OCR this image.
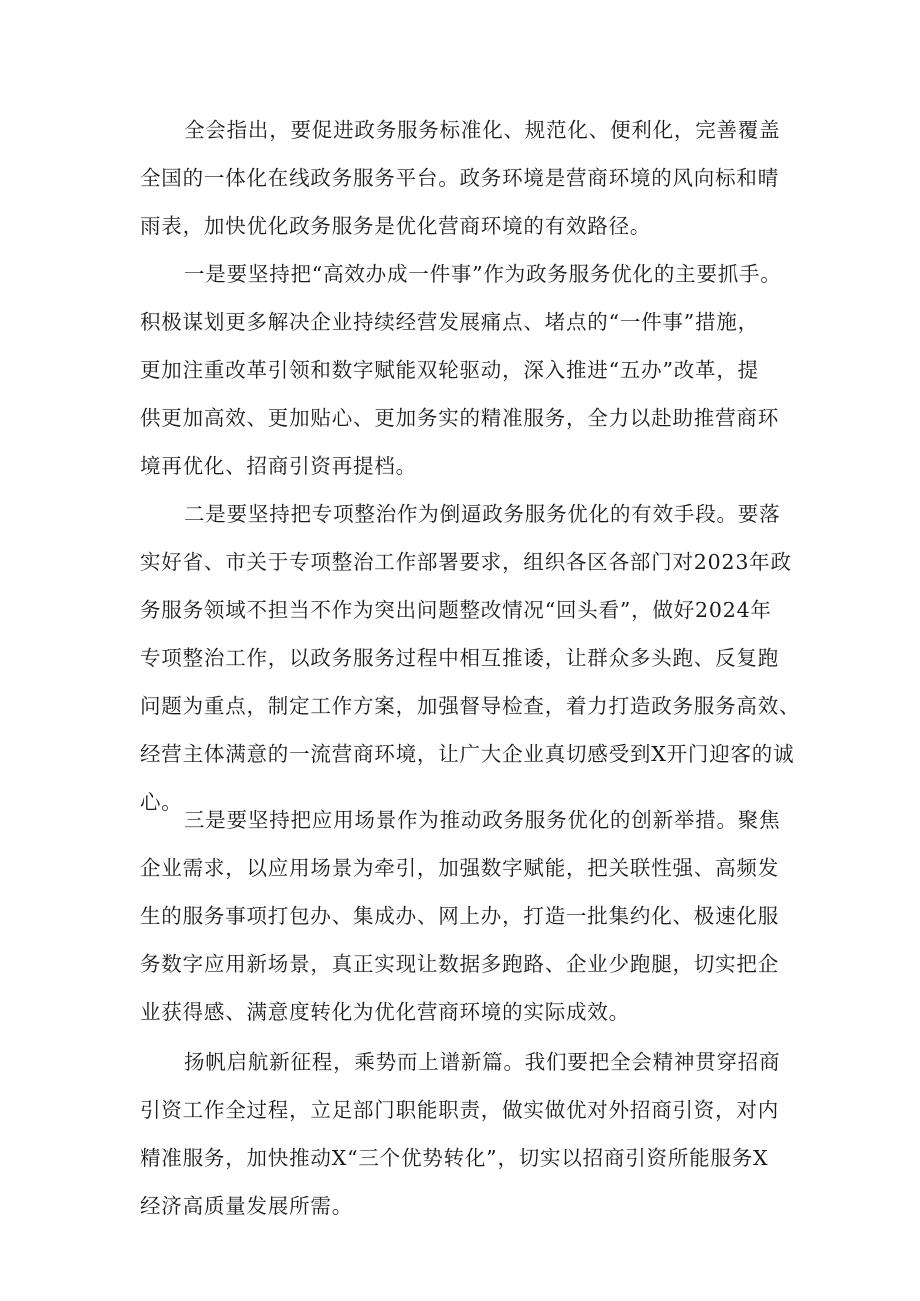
全会指出，要促进政务服务标准化、规范化、便利化，完善覆盖
全国的一体化在线政务服务平台。政务环境是营商环境的风向标和晴
雨表，加快优化政务服务是优化营商环境的有效路径。
一是要坚持把“高效办成一件事”作为政务服务优化的主要抓手。
积极谋划更多解决企业持续经营发展痛点、堵点的“一件事”措施，
更加注重改革引领和数字赋能双轮驱动，深入推进“五办”改革，提
供更加高效、更加贴心、更加务实的精准服务，全力以赴助推营商环
境再优化、招商引资再提档。
二是要坚持把专项整治作为倒逼政务服务优化的有效手段。要落
实好省、市关于专项整治工作部署要求，组织各区各部门对2023年政
务服务领域不担当不作为突出问题整改情况“回头看”，做好2024年
专项整治工作，以政务服务过程中相互推诿，让群众多头跑、反复跑
问题为重点，制定工作方案，加强督导检查，着力打造政务服务高效、
经营主体满意的一流营商环境，让广大企业真切感受到X开门迎客的诚
心。
三是要坚持把应用场景作为推动政务服务优化的创新举措。聚焦
企业需求，以应用场景为牵引，加强数字赋能，把关联性强、高频发
生的服务事项打包办、集成办、网上办，打造一批集约化、极速化服
务数字应用新场景，真正实现让数据多跑路、企业少跑腿，切实把企
业获得感、满意度转化为优化营商环境的实际成效。
扬帆启航新征程，乘势而上谱新篇。我们要把全会精神贯穿招商
引资工作全过程，立足部门职能职责，做实做优对外招商引资，对内
精准服务，加快推动X“三个优势转化”，切实以招商引资所能服务X
经济高质量发展所需。
